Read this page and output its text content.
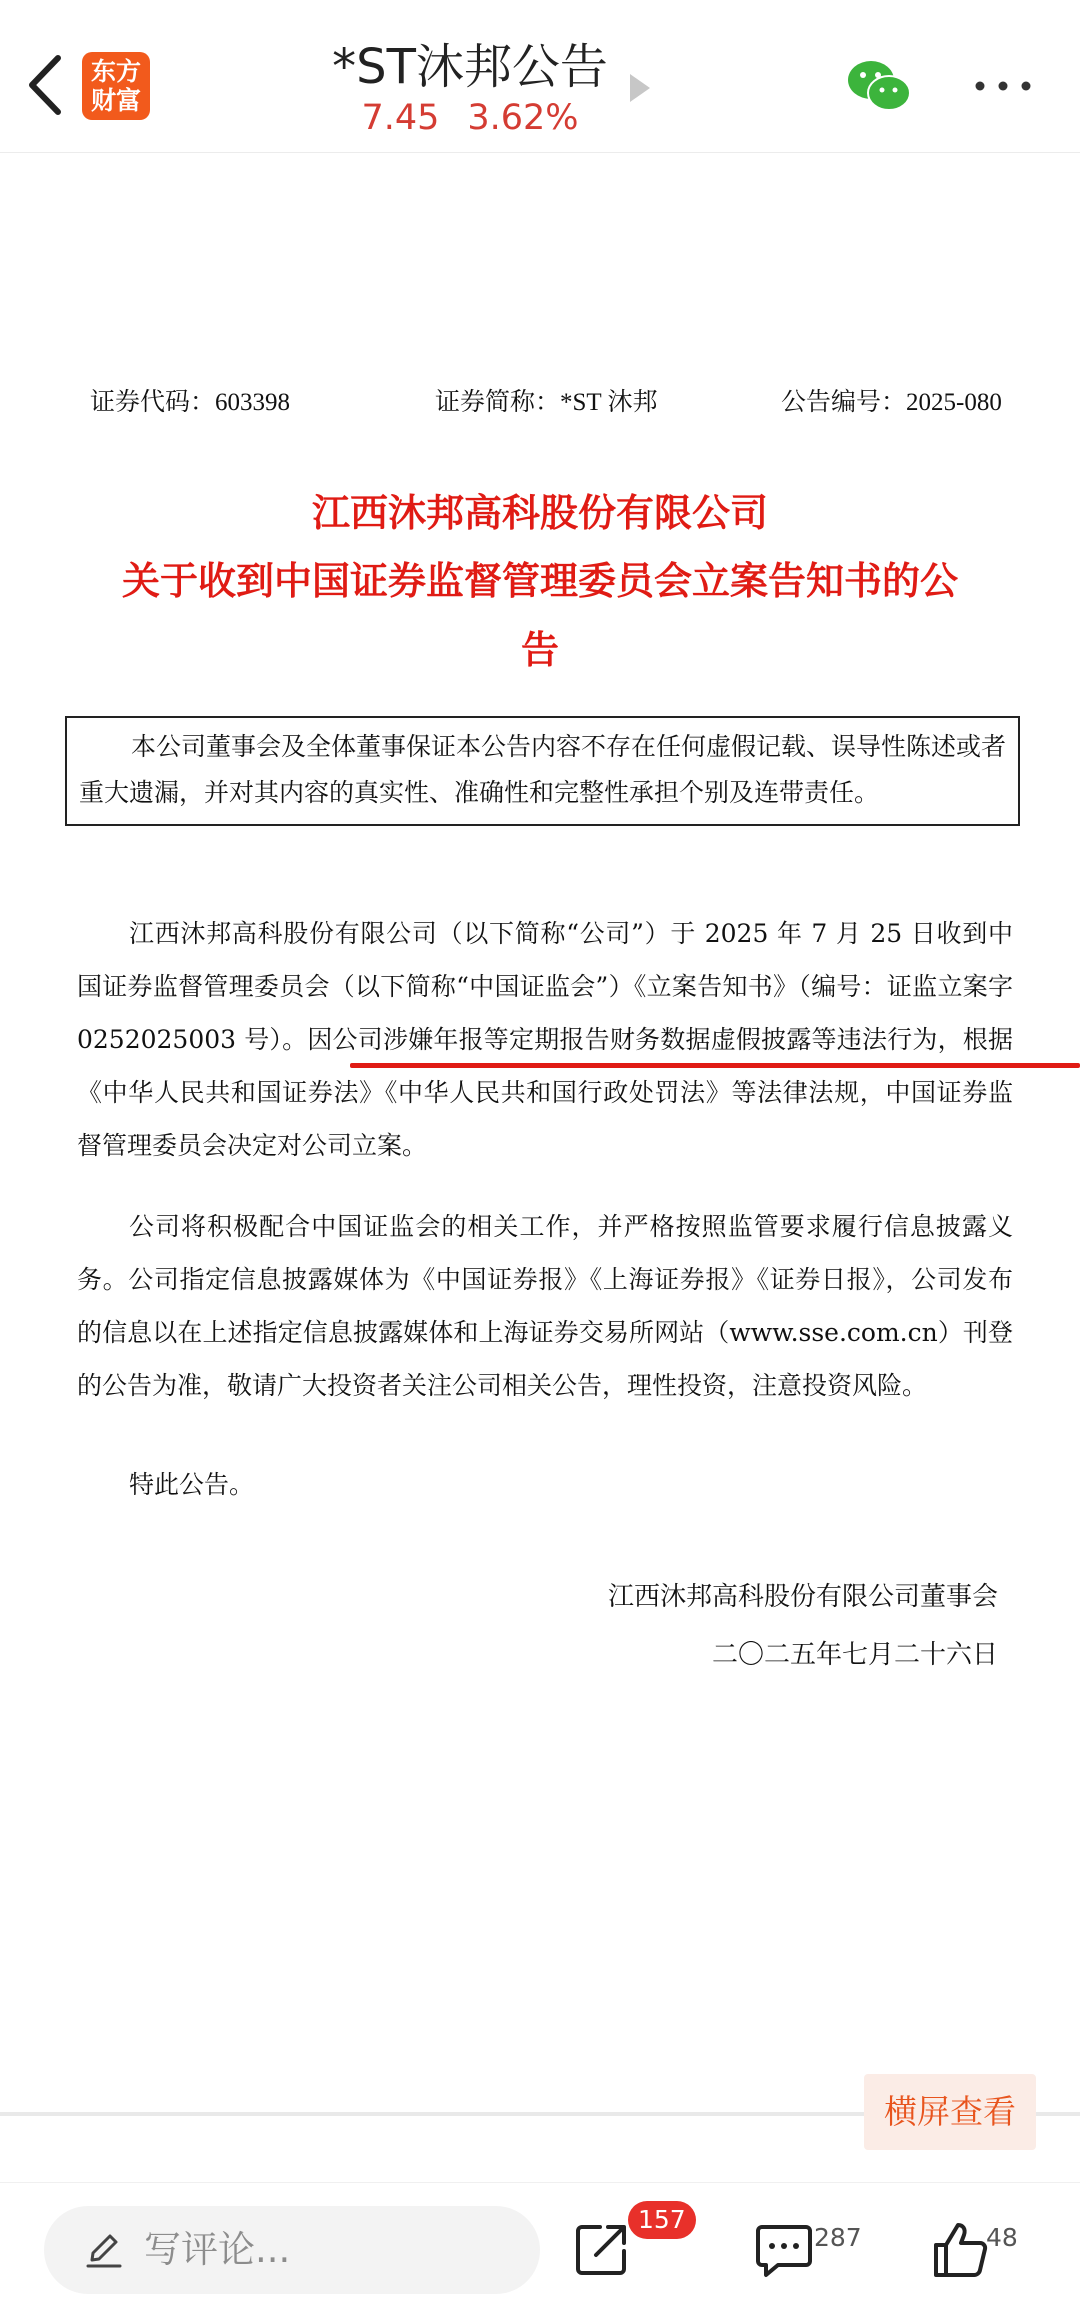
东方
财富
*ST沐邦公告
7.45 3.62%
证券代码：603398	证券简称：*ST 沐邦	公告编号：2025-080
江西沐邦高科股份有限公司
关于收到中国证券监督管理委员会立案告知书的公
告
本公司董事会及全体董事保证本公告内容不存在任何虚假记载、误导性陈述或者重大遗漏，并对其内容的真实性、准确性和完整性承担个别及连带责任。
江西沐邦高科股份有限公司（以下简称“公司”）于 2025 年 7 月 25 日收到中国证券监督管理委员会（以下简称“中国证监会”）《立案告知书》（编号：证监立案字 0252025003 号）。因公司涉嫌年报等定期报告财务数据虚假披露等违法行为，根据《中华人民共和国证券法》《中华人民共和国行政处罚法》等法律法规，中国证券监督管理委员会决定对公司立案。
公司将积极配合中国证监会的相关工作，并严格按照监管要求履行信息披露义务。公司指定信息披露媒体为《中国证券报》《上海证券报》《证券日报》，公司发布的信息以在上述指定信息披露媒体和上海证券交易所网站（www.sse.com.cn）刊登的公告为准，敬请广大投资者关注公司相关公告，理性投资，注意投资风险。
特此公告。
江西沐邦高科股份有限公司董事会
二〇二五年七月二十六日
横屏查看
写评论...
157
287	48
